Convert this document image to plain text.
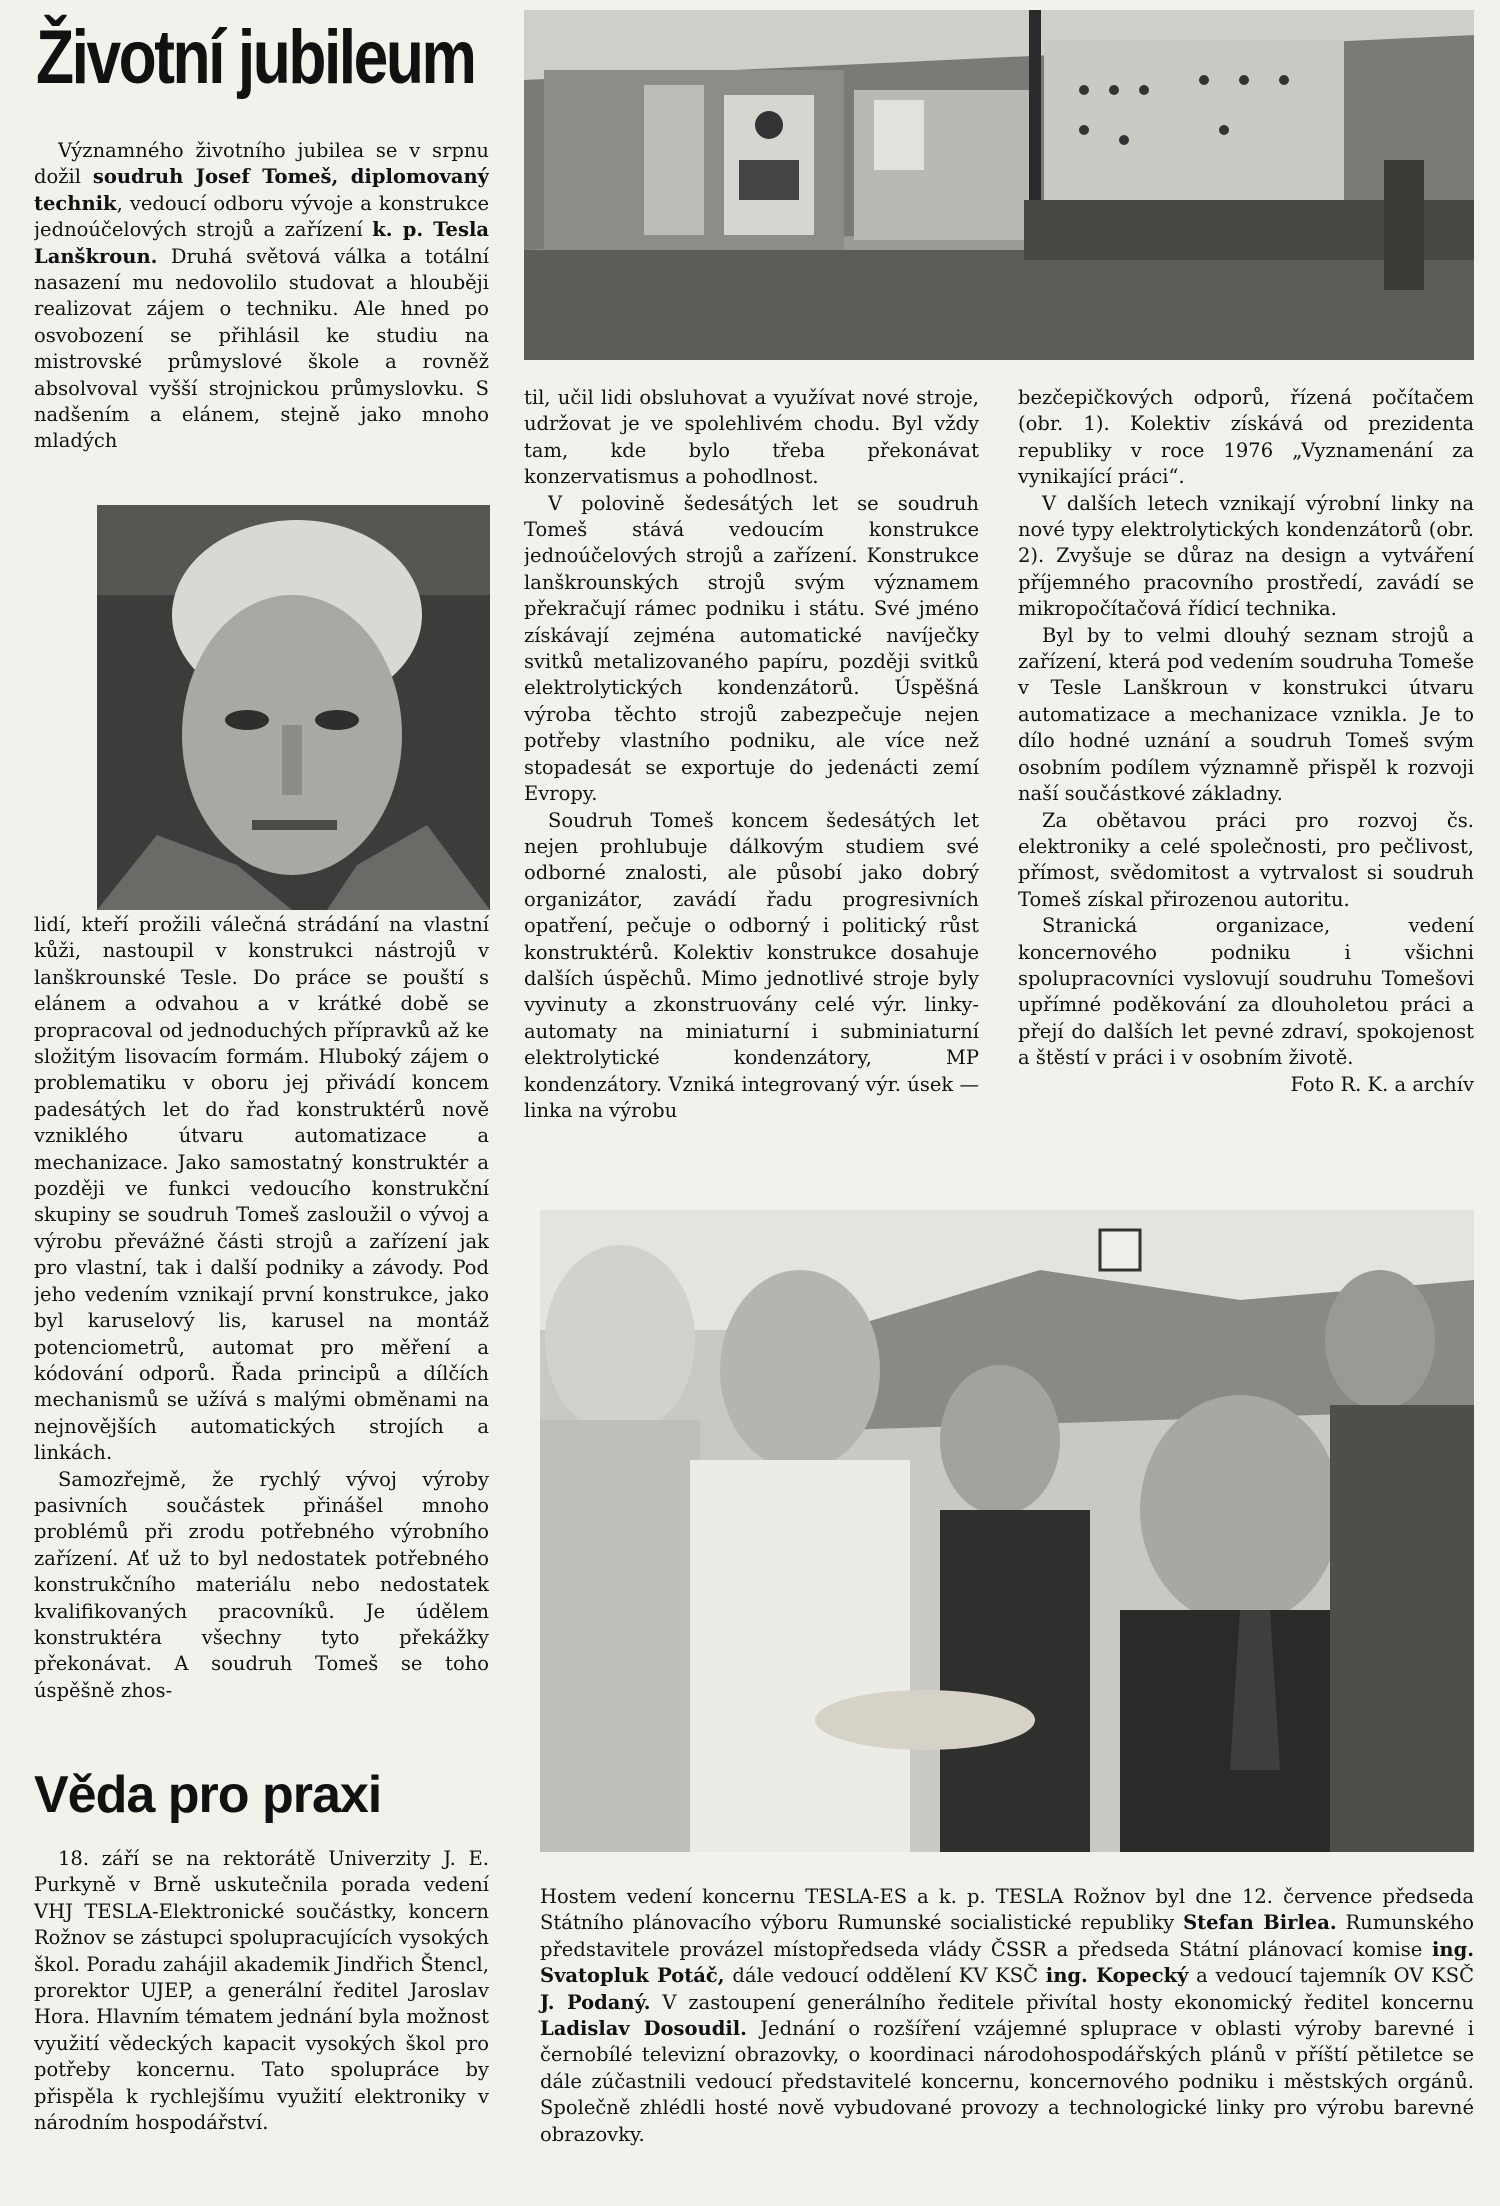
Životní jubileum

Významného životního jubilea se v srpnu dožil soudruh Josef Tomeš, diplomovaný technik, vedoucí odboru vývoje a konstrukce jednoúčelových strojů a zařízení k. p. Tesla Lanškroun. Druhá světová válka a totální nasazení mu nedovolilo studovat a hlouběji realizovat zájem o techniku. Ale hned po osvobození se přihlásil ke studiu na mistrovské průmyslové škole a rovněž absolvoval vyšší strojnickou průmyslovku. S nadšením a elánem, stejně jako mnoho mladých

lidí, kteří prožili válečná strádání na vlastní kůži, nastoupil v konstrukci nástrojů v lanškrounské Tesle. Do práce se pouští s elánem a odvahou a v krátké době se propracoval od jednoduchých přípravků až ke složitým lisovacím formám. Hluboký zájem o problematiku v oboru jej přivádí koncem padesátých let do řad konstruktérů nově vzniklého útvaru automatizace a mechanizace. Jako samostatný konstruktér a později ve funkci vedoucího konstrukční skupiny se soudruh Tomeš zasloužil o vývoj a výrobu převážné části strojů a zařízení jak pro vlastní, tak i další podniky a závody. Pod jeho vedením vznikají první konstrukce, jako byl karuselový lis, karusel na montáž potenciometrů, automat pro měření a kódování odporů. Řada principů a dílčích mechanismů se užívá s malými obměnami na nejnovějších automatických strojích a linkách.

Samozřejmě, že rychlý vývoj výroby pasivních součástek přinášel mnoho problémů při zrodu potřebného výrobního zařízení. Ať už to byl nedostatek potřebného konstrukčního materiálu nebo nedostatek kvalifikovaných pracovníků. Je údělem konstruktéra všechny tyto překážky překonávat. A soudruh Tomeš se toho úspěšně zhos-

til, učil lidi obsluhovat a využívat nové stroje, udržovat je ve spolehlivém chodu. Byl vždy tam, kde bylo třeba překonávat konzervatismus a pohodlnost.

V polovině šedesátých let se soudruh Tomeš stává vedoucím konstrukce jednoúčelových strojů a zařízení. Konstrukce lanškrounských strojů svým významem překračují rámec podniku i státu. Své jméno získávají zejména automatické navíječky svitků metalizovaného papíru, později svitků elektrolytických kondenzátorů. Úspěšná výroba těchto strojů zabezpečuje nejen potřeby vlastního podniku, ale více než stopadesát se exportuje do jedenácti zemí Evropy.

Soudruh Tomeš koncem šedesátých let nejen prohlubuje dálkovým studiem své odborné znalosti, ale působí jako dobrý organizátor, zavádí řadu progresivních opatření, pečuje o odborný i politický růst konstruktérů. Kolektiv konstrukce dosahuje dalších úspěchů. Mimo jednotlivé stroje byly vyvinuty a zkonstruovány celé výr. linky-automaty na miniaturní i subminiaturní elektrolytické kondenzátory, MP kondenzátory. Vzniká integrovaný výr. úsek — linka na výrobu

bezčepičkových odporů, řízená počítačem (obr. 1). Kolektiv získává od prezidenta republiky v roce 1976 „Vyznamenání za vynikající práci“.

V dalších letech vznikají výrobní linky na nové typy elektrolytických kondenzátorů (obr. 2). Zvyšuje se důraz na design a vytváření příjemného pracovního prostředí, zavádí se mikropočítačová řídicí technika.

Byl by to velmi dlouhý seznam strojů a zařízení, která pod vedením soudruha Tomeše v Tesle Lanškroun v konstrukci útvaru automatizace a mechanizace vznikla. Je to dílo hodné uznání a soudruh Tomeš svým osobním podílem významně přispěl k rozvoji naší součástkové základny.

Za obětavou práci pro rozvoj čs. elektroniky a celé společnosti, pro pečlivost, přímost, svědomitost a vytrvalost si soudruh Tomeš získal přirozenou autoritu.

Stranická organizace, vedení koncernového podniku i všichni spolupracovníci vyslovují soudruhu Tomešovi upřímné poděkování za dlouholetou práci a přejí do dalších let pevné zdraví, spokojenost a štěstí v práci i v osobním životě.

Foto R. K. a archív

Věda pro praxi

18. září se na rektorátě Univerzity J. E. Purkyně v Brně uskutečnila porada vedení VHJ TESLA-Elektronické součástky, koncern Rožnov se zástupci spolupracujících vysokých škol. Poradu zahájil akademik Jindřich Štencl, prorektor UJEP, a generální ředitel Jaroslav Hora. Hlavním tématem jednání byla možnost využití vědeckých kapacit vysokých škol pro potřeby koncernu. Tato spolupráce by přispěla k rychlejšímu využití elektroniky v národním hospodářství.

Hostem vedení koncernu TESLA-ES a k. p. TESLA Rožnov byl dne 12. července předseda Státního plánovacího výboru Rumunské socialistické republiky Stefan Birlea. Rumunského představitele provázel místopředseda vlády ČSSR a předseda Státní plánovací komise ing. Svatopluk Potáč, dále vedoucí oddělení KV KSČ ing. Kopecký a vedoucí tajemník OV KSČ J. Podaný. V zastoupení generálního ředitele přivítal hosty ekonomický ředitel koncernu Ladislav Dosoudil. Jednání o rozšíření vzájemné spluprace v oblasti výroby barevné i černobílé televizní obrazovky, o koordinaci národohospodářských plánů v příští pětiletce se dále zúčastnili vedoucí představitelé koncernu, koncernového podniku i městských orgánů. Společně zhlédli hosté nově vybudované provozy a technologické linky pro výrobu barevné obrazovky.
